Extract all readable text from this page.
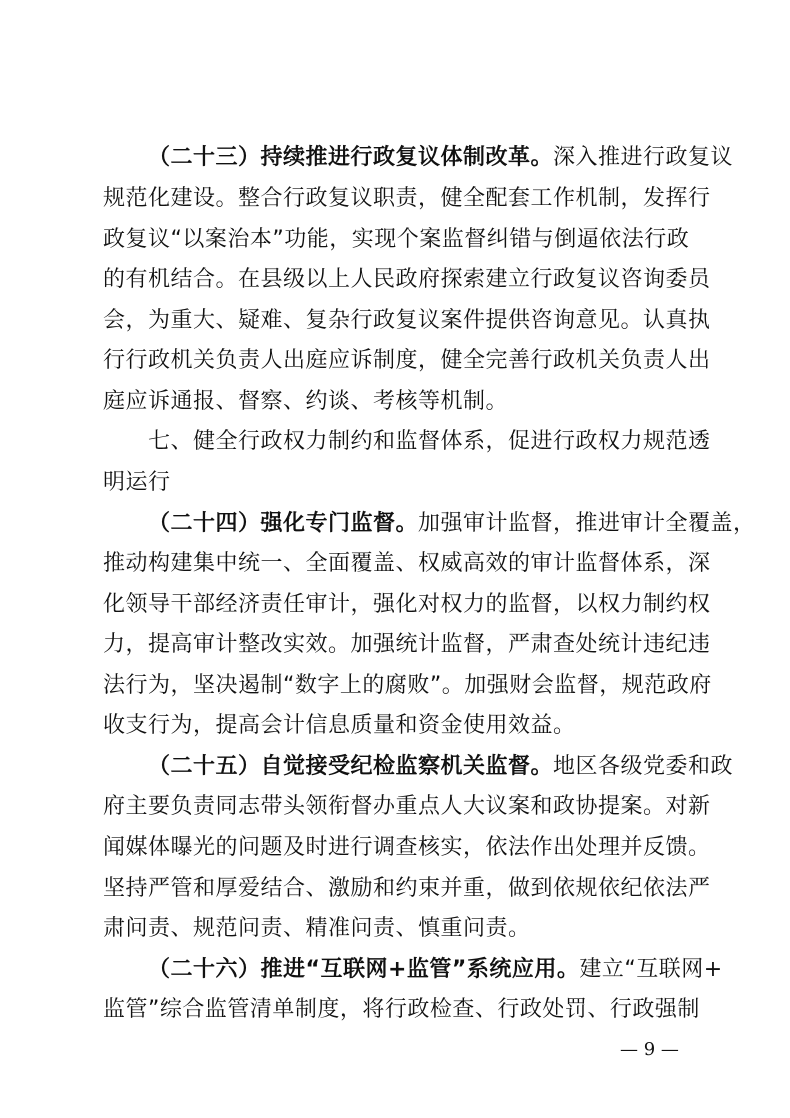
（二十三）持续推进行政复议体制改革。深入推进行政复议
规范化建设。整合行政复议职责，健全配套工作机制，发挥行
政复议“以案治本”功能，实现个案监督纠错与倒逼依法行政
的有机结合。在县级以上人民政府探索建立行政复议咨询委员
会，为重大、疑难、复杂行政复议案件提供咨询意见。认真执
行行政机关负责人出庭应诉制度，健全完善行政机关负责人出
庭应诉通报、督察、约谈、考核等机制。
七、健全行政权力制约和监督体系，促进行政权力规范透
明运行
（二十四）强化专门监督。加强审计监督，推进审计全覆盖，
推动构建集中统一、全面覆盖、权威高效的审计监督体系，深
化领导干部经济责任审计，强化对权力的监督，以权力制约权
力，提高审计整改实效。加强统计监督，严肃查处统计违纪违
法行为，坚决遏制“数字上的腐败”。加强财会监督，规范政府
收支行为，提高会计信息质量和资金使用效益。
（二十五）自觉接受纪检监察机关监督。地区各级党委和政
府主要负责同志带头领衔督办重点人大议案和政协提案。对新
闻媒体曝光的问题及时进行调查核实，依法作出处理并反馈。
坚持严管和厚爱结合、激励和约束并重，做到依规依纪依法严
肃问责、规范问责、精准问责、慎重问责。
（二十六）推进“互联网+监管”系统应用。建立“互联网+
监管”综合监管清单制度，将行政检查、行政处罚、行政强制
— 9 —
